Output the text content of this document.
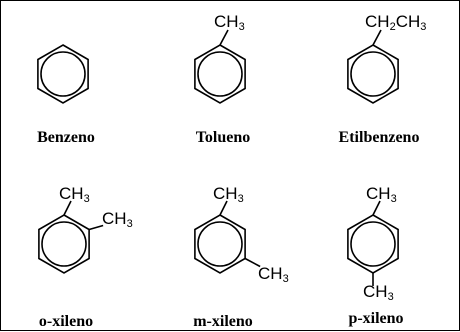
Benzeno	Tolueno	Etilbenzeno
o-xileno	m-xileno	p-xileno
$CH_3$	$CH_2CH_3$
$CH_3$
$CH_3$
$CH_3$
$CH_3$
$CH_3$
$CH_3$
